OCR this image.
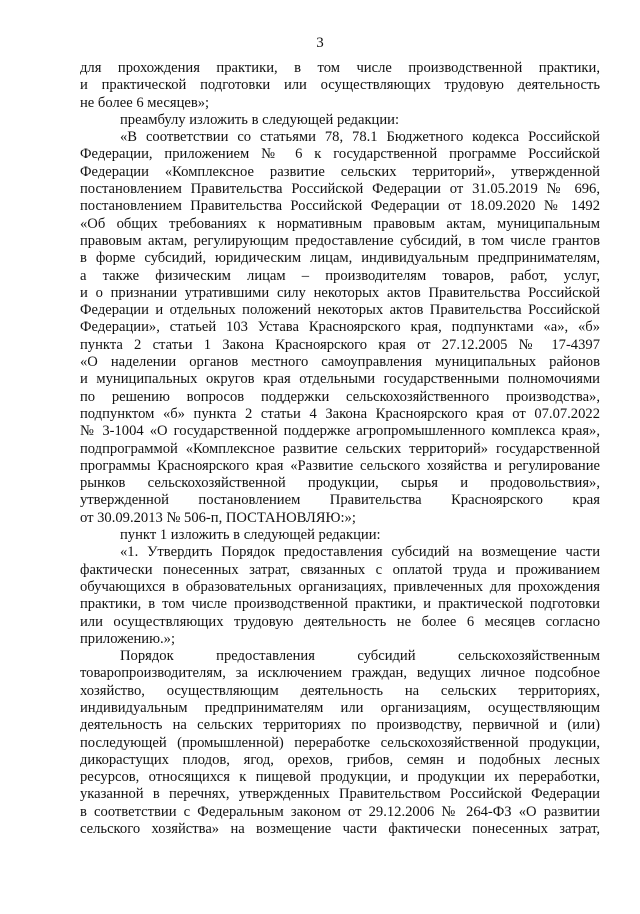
3
для прохождения практики, в том числе производственной практики,
и практической подготовки или осуществляющих трудовую деятельность
не более 6 месяцев»;
преамбулу изложить в следующей редакции:
«В соответствии со статьями 78, 78.1 Бюджетного кодекса Российской
Федерации, приложением № 6 к государственной программе Российской
Федерации «Комплексное развитие сельских территорий», утвержденной
постановлением Правительства Российской Федерации от 31.05.2019 № 696,
постановлением Правительства Российской Федерации от 18.09.2020 № 1492
«Об общих требованиях к нормативным правовым актам, муниципальным
правовым актам, регулирующим предоставление субсидий, в том числе грантов
в форме субсидий, юридическим лицам, индивидуальным предпринимателям,
а также физическим лицам – производителям товаров, работ, услуг,
и о признании утратившими силу некоторых актов Правительства Российской
Федерации и отдельных положений некоторых актов Правительства Российской
Федерации», статьей 103 Устава Красноярского края, подпунктами «а», «б»
пункта 2 статьи 1 Закона Красноярского края от 27.12.2005 № 17-4397
«О наделении органов местного самоуправления муниципальных районов
и муниципальных округов края отдельными государственными полномочиями
по решению вопросов поддержки сельскохозяйственного производства»,
подпунктом «б» пункта 2 статьи 4 Закона Красноярского края от 07.07.2022
№ 3-1004 «О государственной поддержке агропромышленного комплекса края»,
подпрограммой «Комплексное развитие сельских территорий» государственной
программы Красноярского края «Развитие сельского хозяйства и регулирование
рынков сельскохозяйственной продукции, сырья и продовольствия»,
утвержденной постановлением Правительства Красноярского края
от 30.09.2013 № 506-п, ПОСТАНОВЛЯЮ:»;
пункт 1 изложить в следующей редакции:
«1. Утвердить Порядок предоставления субсидий на возмещение части
фактически понесенных затрат, связанных с оплатой труда и проживанием
обучающихся в образовательных организациях, привлеченных для прохождения
практики, в том числе производственной практики, и практической подготовки
или осуществляющих трудовую деятельность не более 6 месяцев согласно
приложению.»;
Порядок предоставления субсидий сельскохозяйственным
товаропроизводителям, за исключением граждан, ведущих личное подсобное
хозяйство, осуществляющим деятельность на сельских территориях,
индивидуальным предпринимателям или организациям, осуществляющим
деятельность на сельских территориях по производству, первичной и (или)
последующей (промышленной) переработке сельскохозяйственной продукции,
дикорастущих плодов, ягод, орехов, грибов, семян и подобных лесных
ресурсов, относящихся к пищевой продукции, и продукции их переработки,
указанной в перечнях, утвержденных Правительством Российской Федерации
в соответствии с Федеральным законом от 29.12.2006 № 264-ФЗ «О развитии
сельского хозяйства» на возмещение части фактически понесенных затрат,
